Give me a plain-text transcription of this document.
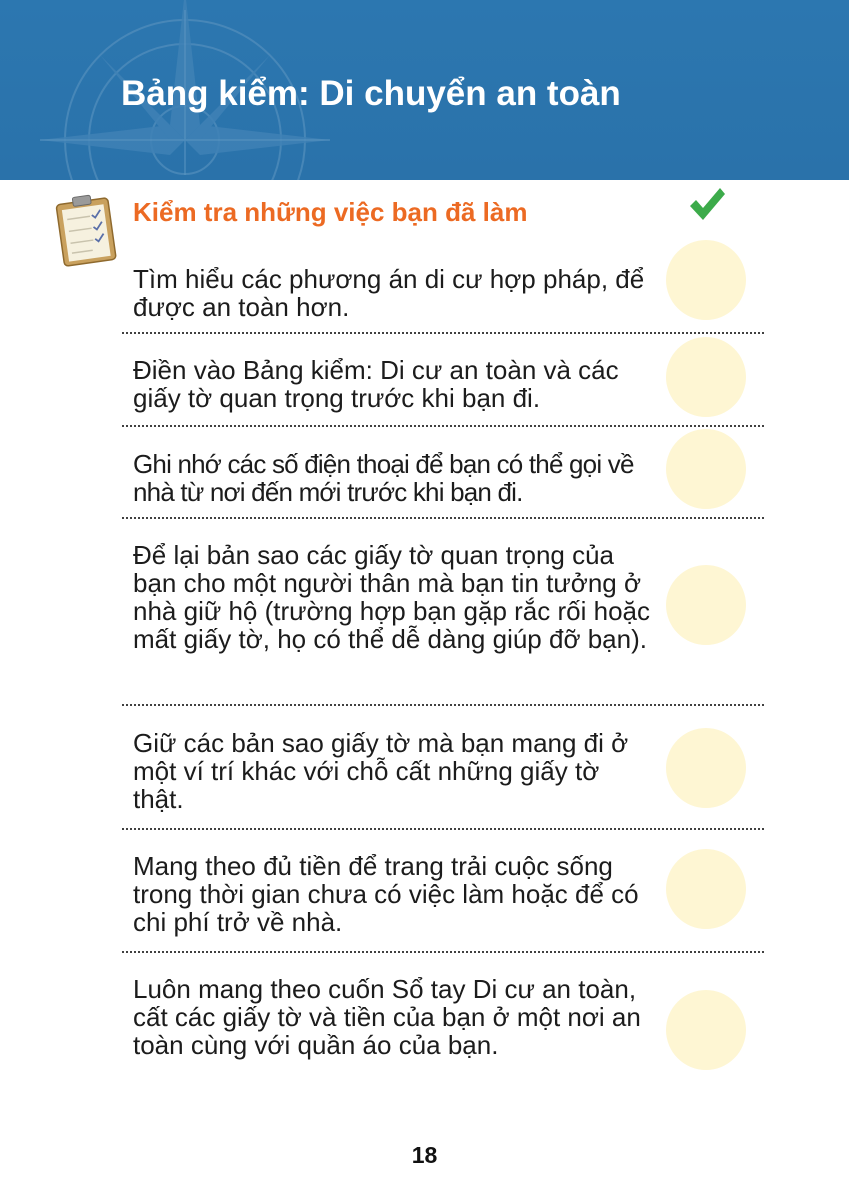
Bảng kiểm: Di chuyển an toàn
Kiểm tra những việc bạn đã làm
Tìm hiểu các phương án di cư hợp pháp, để được an toàn hơn.
Điền vào Bảng kiểm: Di cư an toàn và các giấy tờ quan trọng trước khi bạn đi.
Ghi nhớ các số điện thoại để bạn có thể gọi về nhà từ nơi đến mới trước khi bạn đi.
Để lại bản sao các giấy tờ quan trọng của bạn cho một người thân mà bạn tin tưởng ở nhà giữ hộ (trường hợp bạn gặp rắc rối hoặc mất giấy tờ, họ có thể dễ dàng giúp đỡ bạn).
Giữ các bản sao giấy tờ mà bạn mang đi ở một ví trí khác với chỗ cất những giấy tờ thật.
Mang theo đủ tiền để trang trải cuộc sống trong thời gian chưa có việc làm hoặc để có chi phí trở về nhà.
Luôn mang theo cuốn Sổ tay Di cư an toàn, cất các giấy tờ và tiền của bạn ở một nơi an toàn cùng với quần áo của bạn.
18
